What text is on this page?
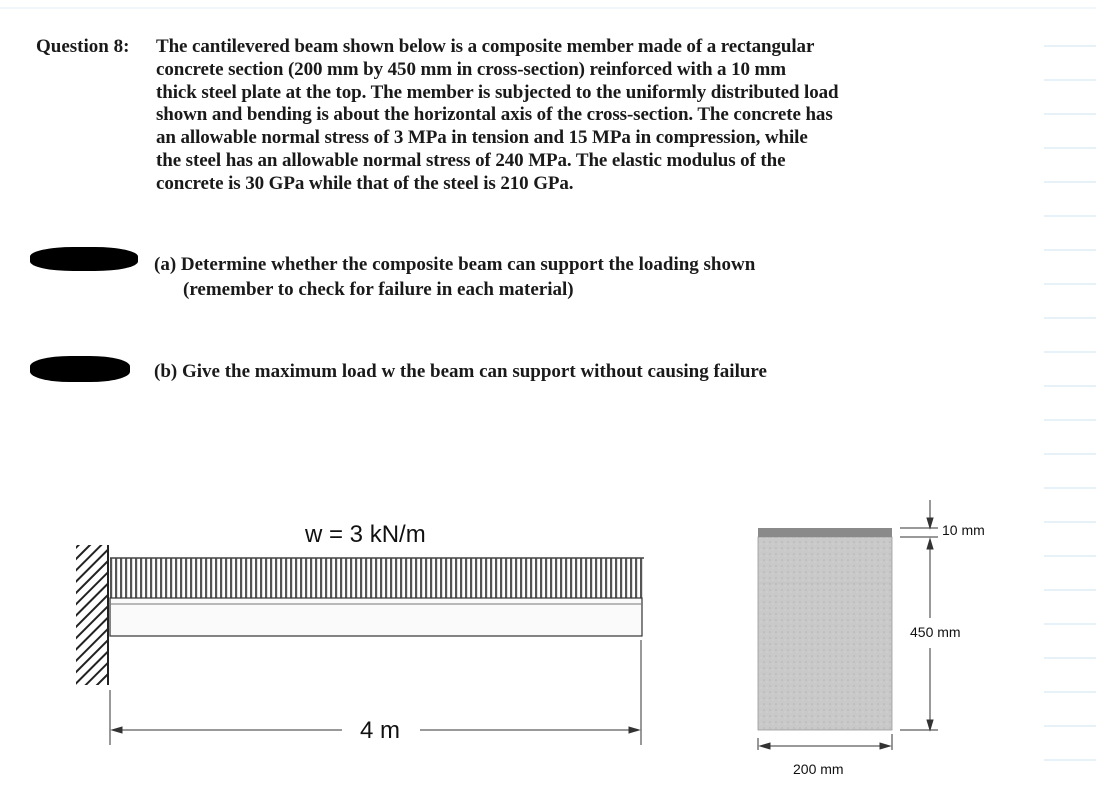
Question 8: The cantilevered beam shown below is a composite member made of a rectangular
concrete section (200 mm by 450 mm in cross-section) reinforced with a 10 mm
thick steel plate at the top. The member is subjected to the uniformly distributed load
shown and bending is about the horizontal axis of the cross-section. The concrete has
an allowable normal stress of 3 MPa in tension and 15 MPa in compression, while
the steel has an allowable normal stress of 240 MPa. The elastic modulus of the
concrete is 30 GPa while that of the steel is 210 GPa.
(a) Determine whether the composite beam can support the loading shown
(remember to check for failure in each material)
(b) Give the maximum load w the beam can support without causing failure
w = 3 kN/m
4 m
10 mm
450 mm
200 mm
